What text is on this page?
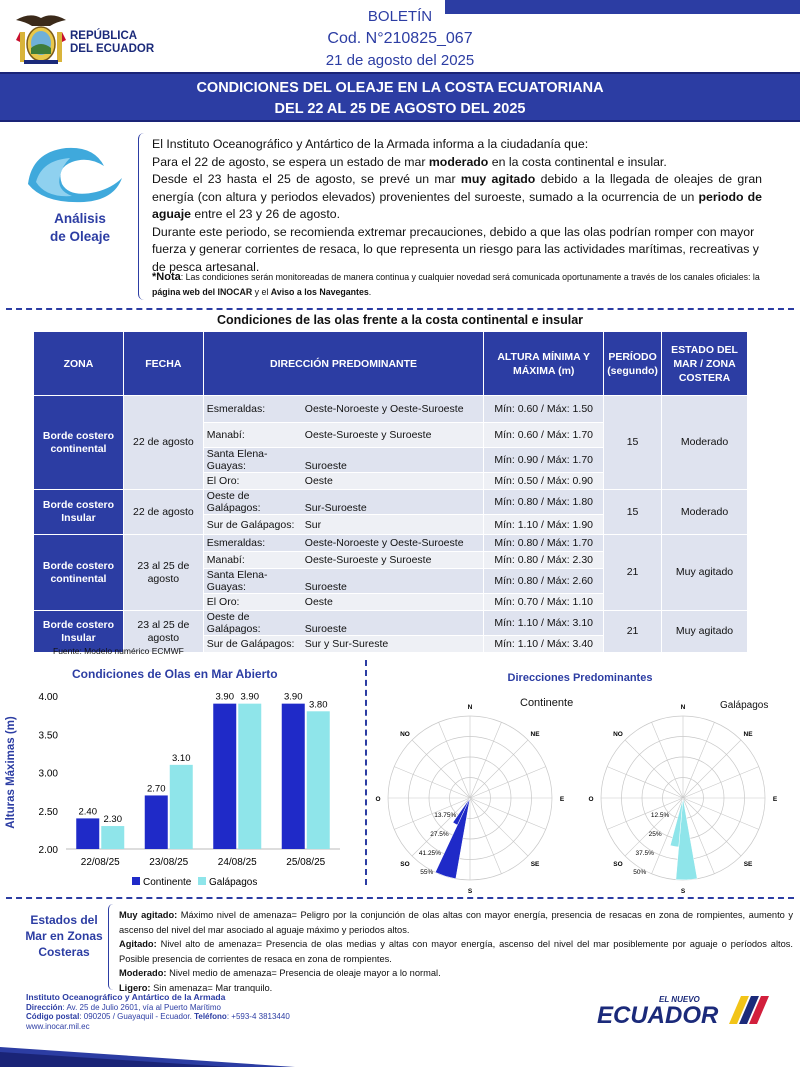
REPÚBLICA
DEL ECUADOR
BOLETÍN
Cod. N°210825_067
21 de agosto del 2025
CONDICIONES DEL OLEAJE EN LA COSTA ECUATORIANA
DEL 22 AL 25 DE AGOSTO DEL 2025
Análisis
de Oleaje

El Instituto Oceanográfico y Antártico de la Armada informa a la ciudadanía que:

Para el 22 de agosto, se espera un estado de mar moderado en la costa continental e insular.

Desde el 23 hasta el 25 de agosto, se prevé un mar muy agitado debido a la llegada de oleajes de gran energía (con altura y periodos elevados) provenientes del suroeste, sumado a la ocurrencia de un periodo de aguaje entre el 23 y 26 de agosto.

Durante este periodo, se recomienda extremar precauciones, debido a que las olas podrían romper con mayor fuerza y generar corrientes de resaca, lo que representa un riesgo para las actividades marítimas, recreativas y de pesca artesanal.

*Nota: Las condiciones serán monitoreadas de manera continua y cualquier novedad será comunicada oportunamente a través de los canales oficiales: la página web del INOCAR y el Aviso a los Navegantes.
Condiciones de las olas frente a la costa continental e insular
ZONA	FECHA	DIRECCIÓN PREDOMINANTE	ALTURA MÍNIMA Y
MÁXIMA (m)	PERÍODO
(segundo)	ESTADO DEL
MAR / ZONA
COSTERA
Borde costero
continental	22 de agosto	Esmeraldas: Oeste-Noroeste y Oeste-Suroeste	Mín: 0.60 / Máx: 1.50	15	Moderado
		Manabí: Oeste-Suroeste y Suroeste	Mín: 0.60 / Máx: 1.70		
		Santa Elena-Guayas: Suroeste	Mín: 0.90 / Máx: 1.70		
		El Oro: Oeste	Mín: 0.50 / Máx: 0.90		
Borde costero
Insular	22 de agosto	Oeste de Galápagos: Sur-Suroeste	Mín: 0.80 / Máx: 1.80	15	Moderado
		Sur de Galápagos: Sur	Mín: 1.10 / Máx: 1.90		
Borde costero
continental	23 al 25 de
agosto	Esmeraldas: Oeste-Noroeste y Oeste-Suroeste	Mín: 0.80 / Máx: 1.70	21	Muy agitado
		Manabí: Oeste-Suroeste y Suroeste	Mín: 0.80 / Máx: 2.30		
		Santa Elena-Guayas: Suroeste	Mín: 0.80 / Máx: 2.60		
		El Oro: Oeste	Mín: 0.70 / Máx: 1.10		
Borde costero
Insular	23 al 25 de
agosto	Oeste de Galápagos: Suroeste	Mín: 1.10 / Máx: 3.10	21	Muy agitado
		Sur de Galápagos: Sur y Sur-Sureste	Mín: 1.10 / Máx: 3.40		
Fuente: Modelo numérico ECMWF
Condiciones de Olas en Mar Abierto
2.00
2.50
3.00
3.50
4.00
Alturas Máximas (m)	2.40
2.30
22/08/25
2.70
3.10
23/08/25
3.90 3.90
24/08/25
3.90
3.80
25/08/25
Continente Galápagos
Direcciones Predominantes
Continente	Galápagos
13.75%
27.5%
41.25%
55%
N
NE
E
SE
S
SO
O
NO
12.5%
25%
37.5%
50%
N
NE
E
SE
S
SO
O
NO
Estados del
Mar en Zonas
Costeras

Muy agitado: Máximo nivel de amenaza= Peligro por la conjunción de olas altas con mayor energía, presencia de resacas en zona de rompientes, aumento y ascenso del nivel del mar asociado al aguaje máximo y periodos altos.

Agitado: Nivel alto de amenaza= Presencia de olas medias y altas con mayor energía, ascenso del nivel del mar posiblemente por aguaje o períodos altos. Posible presencia de corrientes de resaca en zona de rompientes.

Moderado: Nivel medio de amenaza= Presencia de oleaje mayor a lo normal.

Ligero: Sin amenaza= Mar tranquilo.

Instituto Oceanográfico y Antártico de la Armada
Dirección: Av. 25 de Julio 2601, vía al Puerto Marítimo
Código postal: 090205 / Guayaquil - Ecuador. Teléfono: +593-4 3813440
www.inocar.mil.ec
EL NUEVO
ECUADOR
